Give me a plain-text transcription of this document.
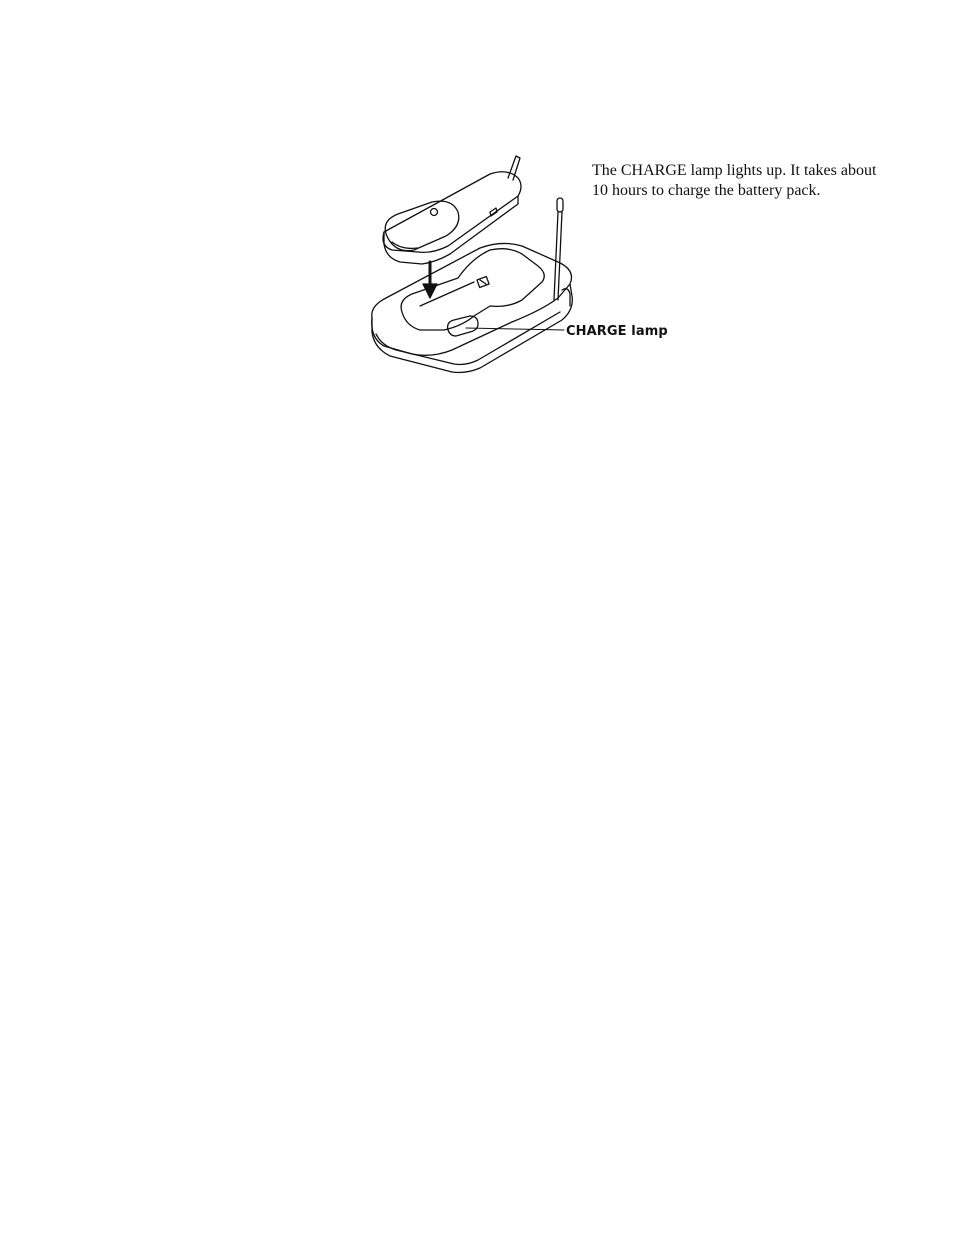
CHARGE lamp
The CHARGE lamp lights up. It takes about
10 hours to charge the battery pack.
